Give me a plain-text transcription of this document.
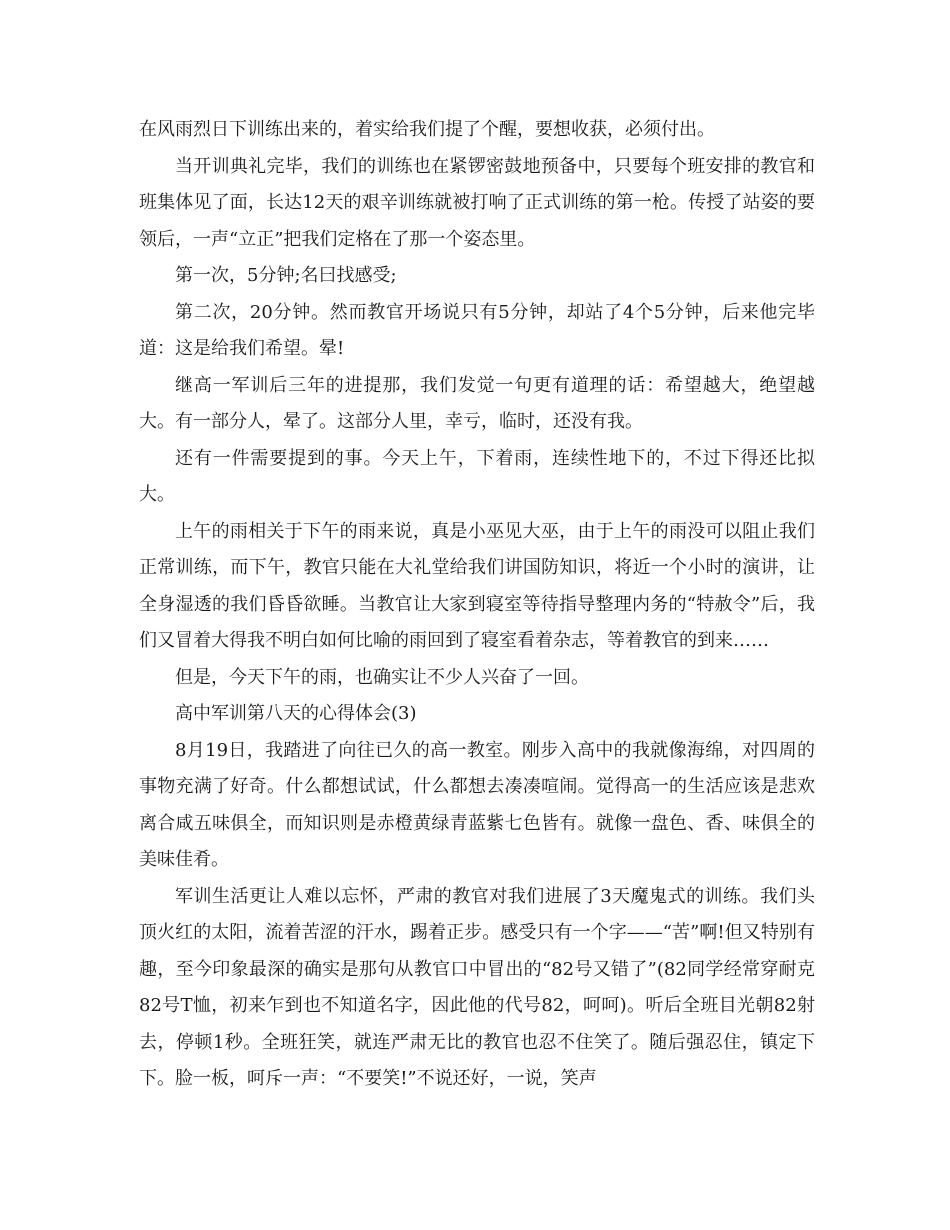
在风雨烈日下训练出来的，着实给我们提了个醒，要想收获，必须付出。

当开训典礼完毕，我们的训练也在紧锣密鼓地预备中，只要每个班安排的教官和班集体见了面，长达12天的艰辛训练就被打响了正式训练的第一枪。传授了站姿的要领后，一声“立正”把我们定格在了那一个姿态里。

第一次，5分钟;名曰找感受;

第二次，20分钟。然而教官开场说只有5分钟，却站了4个5分钟，后来他完毕道：这是给我们希望。晕!

继高一军训后三年的进提那，我们发觉一句更有道理的话：希望越大，绝望越大。有一部分人，晕了。这部分人里，幸亏，临时，还没有我。

还有一件需要提到的事。今天上午，下着雨，连续性地下的，不过下得还比拟大。

上午的雨相关于下午的雨来说，真是小巫见大巫，由于上午的雨没可以阻止我们正常训练，而下午，教官只能在大礼堂给我们讲国防知识，将近一个小时的演讲，让全身湿透的我们昏昏欲睡。当教官让大家到寝室等待指导整理内务的“特赦令”后，我们又冒着大得我不明白如何比喻的雨回到了寝室看着杂志，等着教官的到来……

但是，今天下午的雨，也确实让不少人兴奋了一回。

高中军训第八天的心得体会(3)

8月19日，我踏进了向往已久的高一教室。刚步入高中的我就像海绵，对四周的事物充满了好奇。什么都想试试，什么都想去凑凑喧闹。觉得高一的生活应该是悲欢离合咸五味俱全，而知识则是赤橙黄绿青蓝紫七色皆有。就像一盘色、香、味俱全的美味佳肴。

军训生活更让人难以忘怀，严肃的教官对我们进展了3天魔鬼式的训练。我们头顶火红的太阳，流着苦涩的汗水，踢着正步。感受只有一个字——“苦”啊!但又特别有趣，至今印象最深的确实是那句从教官口中冒出的“82号又错了”(82同学经常穿耐克82号T恤，初来乍到也不知道名字，因此他的代号82，呵呵)。听后全班目光朝82射去，停顿1秒。全班狂笑，就连严肃无比的教官也忍不住笑了。随后强忍住，镇定下下。脸一板，呵斥一声：“不要笑!”不说还好，一说，笑声
